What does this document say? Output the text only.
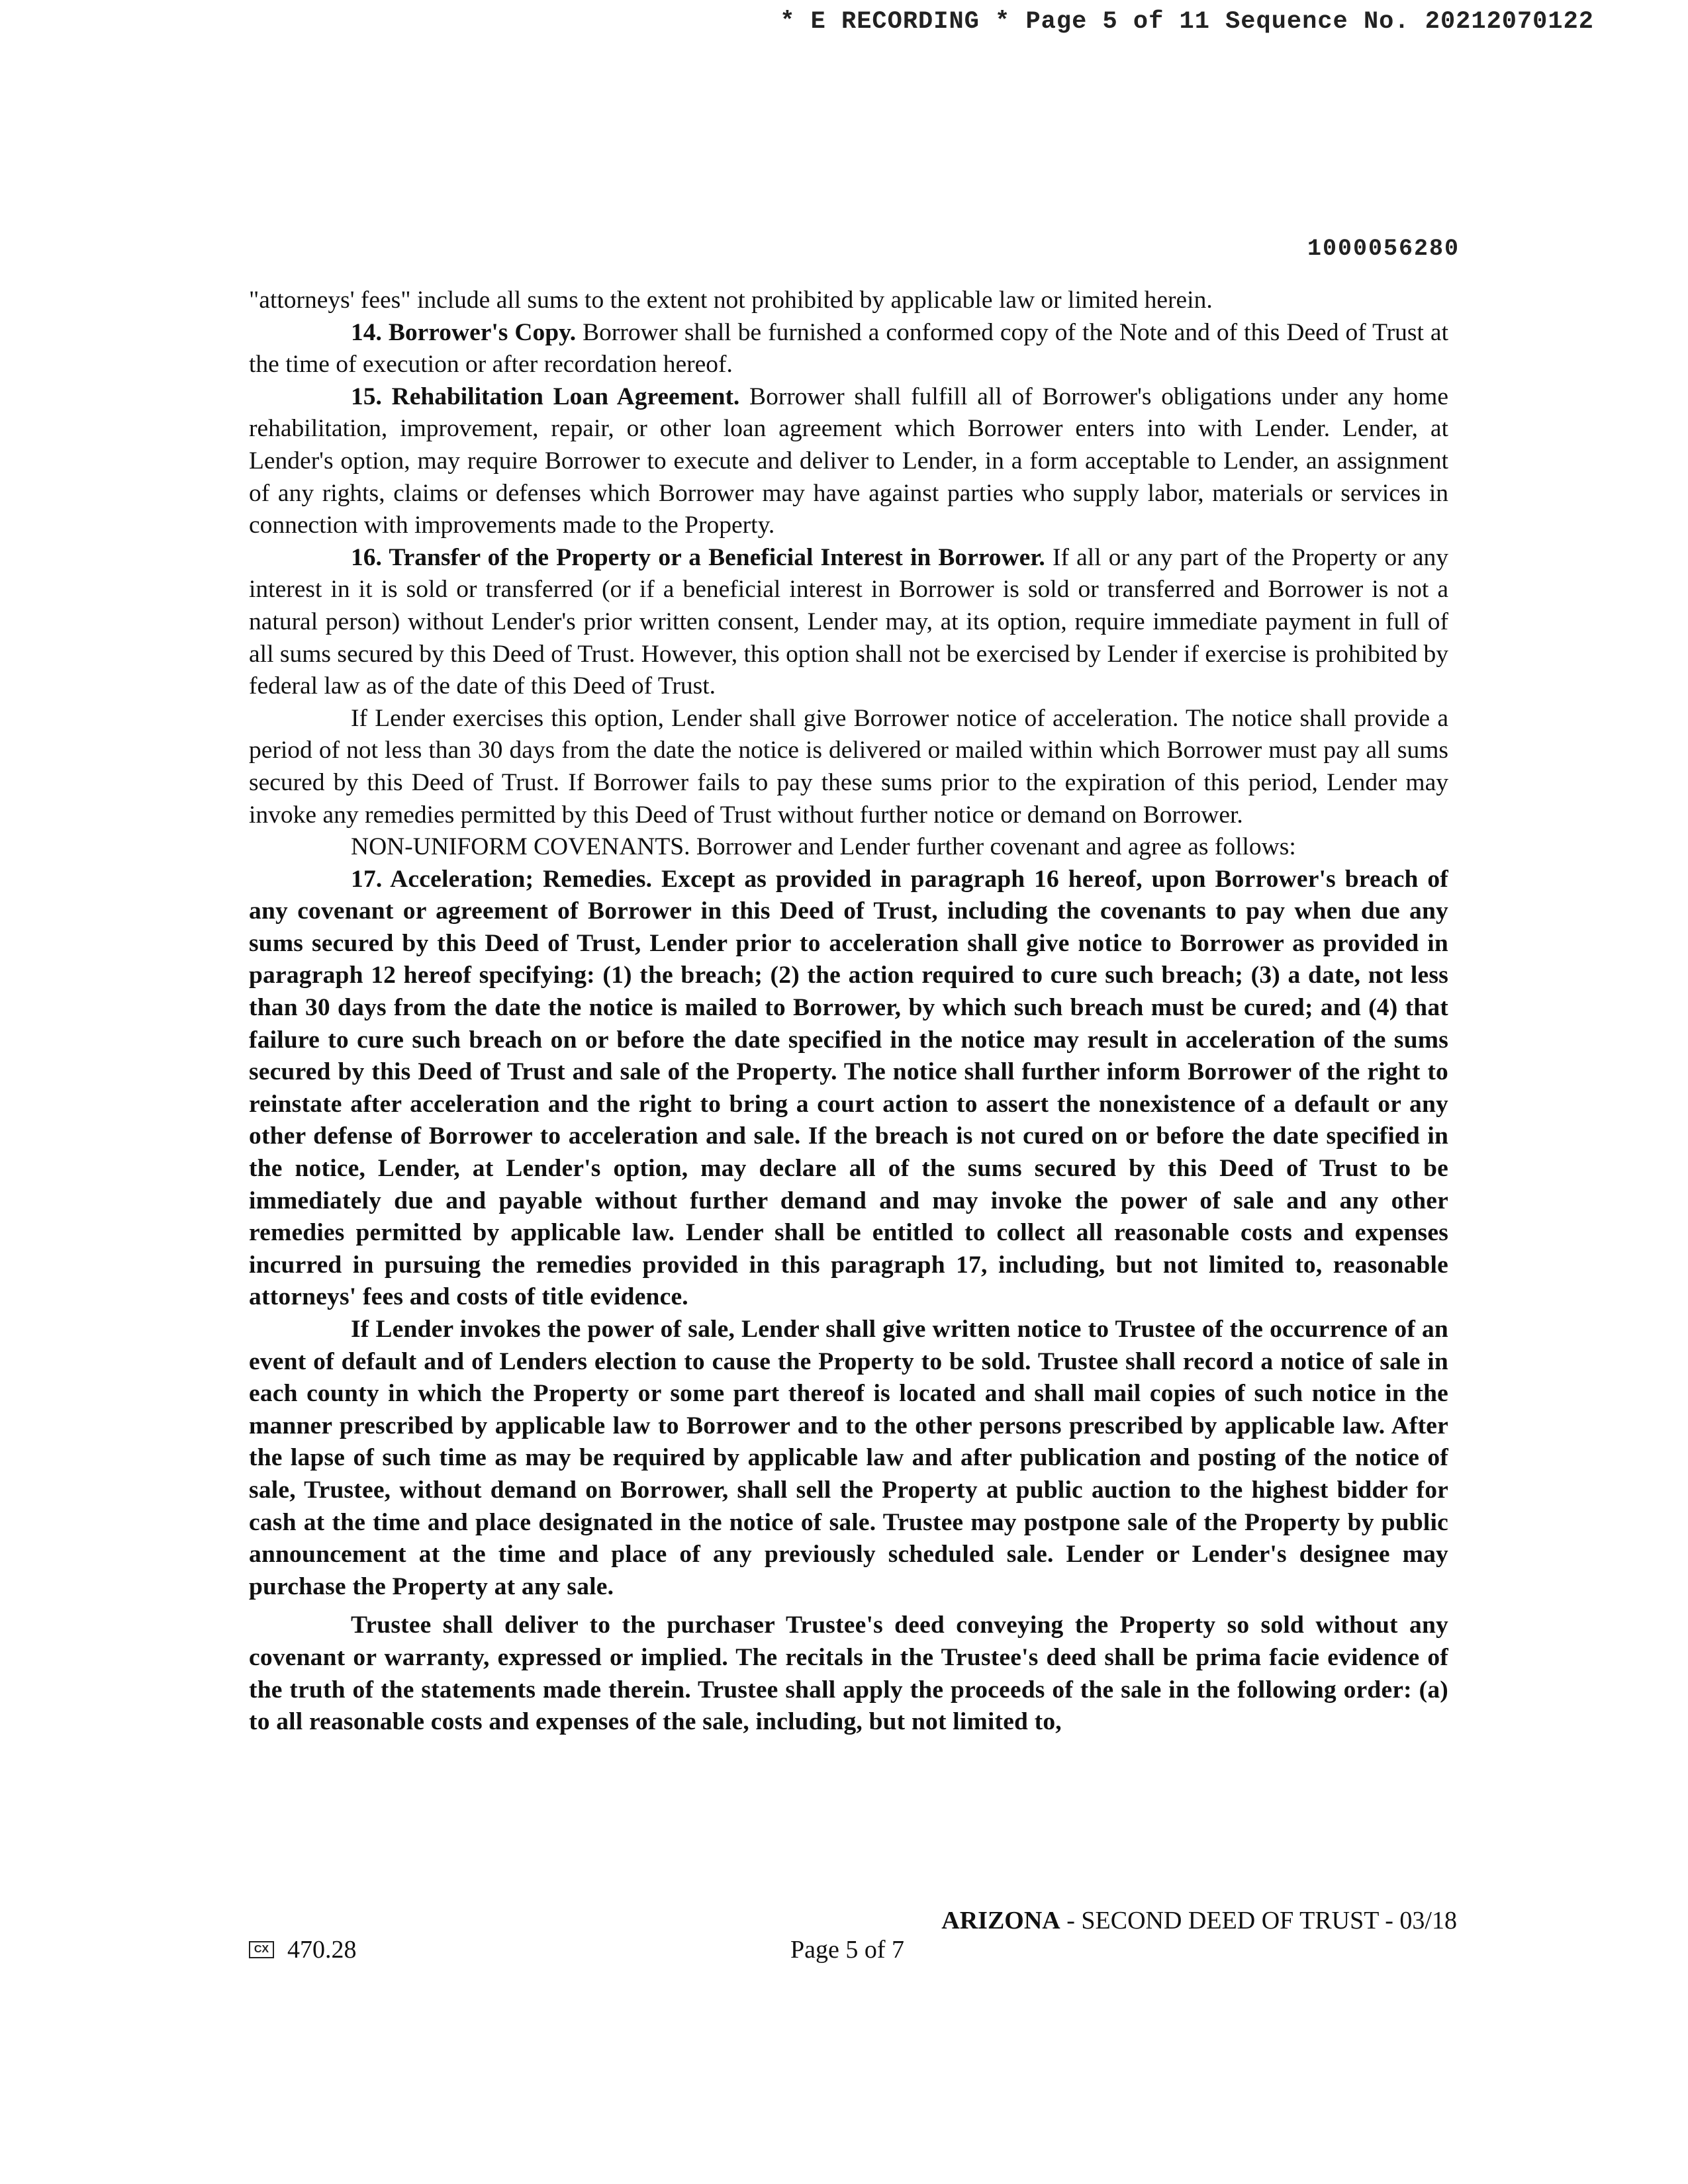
* E RECORDING * Page 5 of 11 Sequence No. 20212070122
1000056280

"attorneys' fees" include all sums to the extent not prohibited by applicable law or limited herein.

14. Borrower's Copy. Borrower shall be furnished a conformed copy of the Note and of this Deed of Trust at the time of execution or after recordation hereof.

15. Rehabilitation Loan Agreement. Borrower shall fulfill all of Borrower's obligations under any home rehabilitation, improvement, repair, or other loan agreement which Borrower enters into with Lender. Lender, at Lender's option, may require Borrower to execute and deliver to Lender, in a form acceptable to Lender, an assignment of any rights, claims or defenses which Borrower may have against parties who supply labor, materials or services in connection with improvements made to the Property.

16. Transfer of the Property or a Beneficial Interest in Borrower. If all or any part of the Property or any interest in it is sold or transferred (or if a beneficial interest in Borrower is sold or transferred and Borrower is not a natural person) without Lender's prior written consent, Lender may, at its option, require immediate payment in full of all sums secured by this Deed of Trust. However, this option shall not be exercised by Lender if exercise is prohibited by federal law as of the date of this Deed of Trust.

If Lender exercises this option, Lender shall give Borrower notice of acceleration. The notice shall provide a period of not less than 30 days from the date the notice is delivered or mailed within which Borrower must pay all sums secured by this Deed of Trust. If Borrower fails to pay these sums prior to the expiration of this period, Lender may invoke any remedies permitted by this Deed of Trust without further notice or demand on Borrower.

NON-UNIFORM COVENANTS. Borrower and Lender further covenant and agree as follows:

17. Acceleration; Remedies. Except as provided in paragraph 16 hereof, upon Borrower's breach of any covenant or agreement of Borrower in this Deed of Trust, including the covenants to pay when due any sums secured by this Deed of Trust, Lender prior to acceleration shall give notice to Borrower as provided in paragraph 12 hereof specifying: (1) the breach; (2) the action required to cure such breach; (3) a date, not less than 30 days from the date the notice is mailed to Borrower, by which such breach must be cured; and (4) that failure to cure such breach on or before the date specified in the notice may result in acceleration of the sums secured by this Deed of Trust and sale of the Property. The notice shall further inform Borrower of the right to reinstate after acceleration and the right to bring a court action to assert the nonexistence of a default or any other defense of Borrower to acceleration and sale. If the breach is not cured on or before the date specified in the notice, Lender, at Lender's option, may declare all of the sums secured by this Deed of Trust to be immediately due and payable without further demand and may invoke the power of sale and any other remedies permitted by applicable law. Lender shall be entitled to collect all reasonable costs and expenses incurred in pursuing the remedies provided in this paragraph 17, including, but not limited to, reasonable attorneys' fees and costs of title evidence.

If Lender invokes the power of sale, Lender shall give written notice to Trustee of the occurrence of an event of default and of Lenders election to cause the Property to be sold. Trustee shall record a notice of sale in each county in which the Property or some part thereof is located and shall mail copies of such notice in the manner prescribed by applicable law to Borrower and to the other persons prescribed by applicable law. After the lapse of such time as may be required by applicable law and after publication and posting of the notice of sale, Trustee, without demand on Borrower, shall sell the Property at public auction to the highest bidder for cash at the time and place designated in the notice of sale. Trustee may postpone sale of the Property by public announcement at the time and place of any previously scheduled sale. Lender or Lender's designee may purchase the Property at any sale.

Trustee shall deliver to the purchaser Trustee's deed conveying the Property so sold without any covenant or warranty, expressed or implied. The recitals in the Trustee's deed shall be prima facie evidence of the truth of the statements made therein. Trustee shall apply the proceeds of the sale in the following order: (a) to all reasonable costs and expenses of the sale, including, but not limited to,

ARIZONA - SECOND DEED OF TRUST - 03/18
CX 470.28	Page 5 of 7
